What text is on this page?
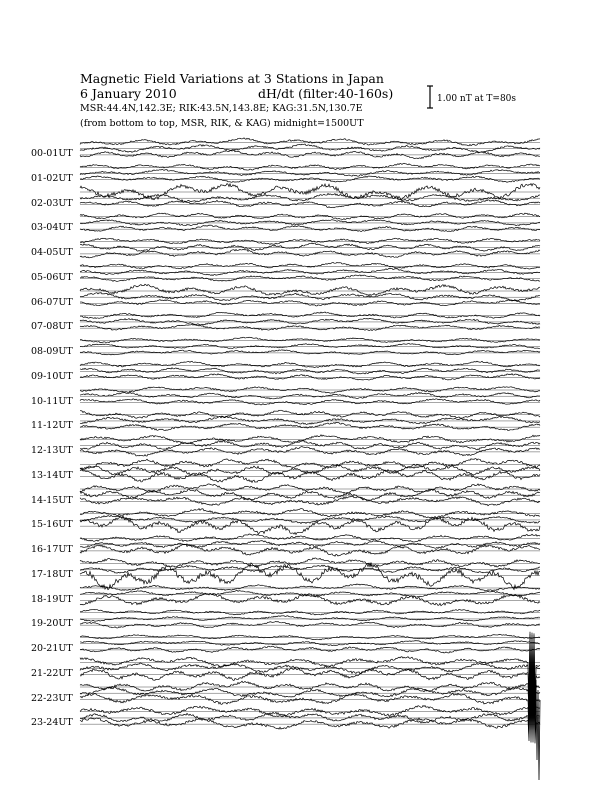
Magnetic Field Variations at 3 Stations in Japan
6 January 2010	dH/dt (filter:40-160s)
MSR:44.4N,142.3E; RIK:43.5N,143.8E; KAG:31.5N,130.7E
(from bottom to top, MSR, RIK, & KAG) midnight=1500UT
1.00 nT at T=80s
00-01UT
01-02UT
02-03UT
03-04UT
04-05UT
05-06UT
06-07UT
07-08UT
08-09UT
09-10UT
10-11UT
11-12UT
12-13UT
13-14UT
14-15UT
15-16UT
16-17UT
17-18UT
18-19UT
19-20UT
20-21UT
21-22UT
22-23UT
23-24UT
